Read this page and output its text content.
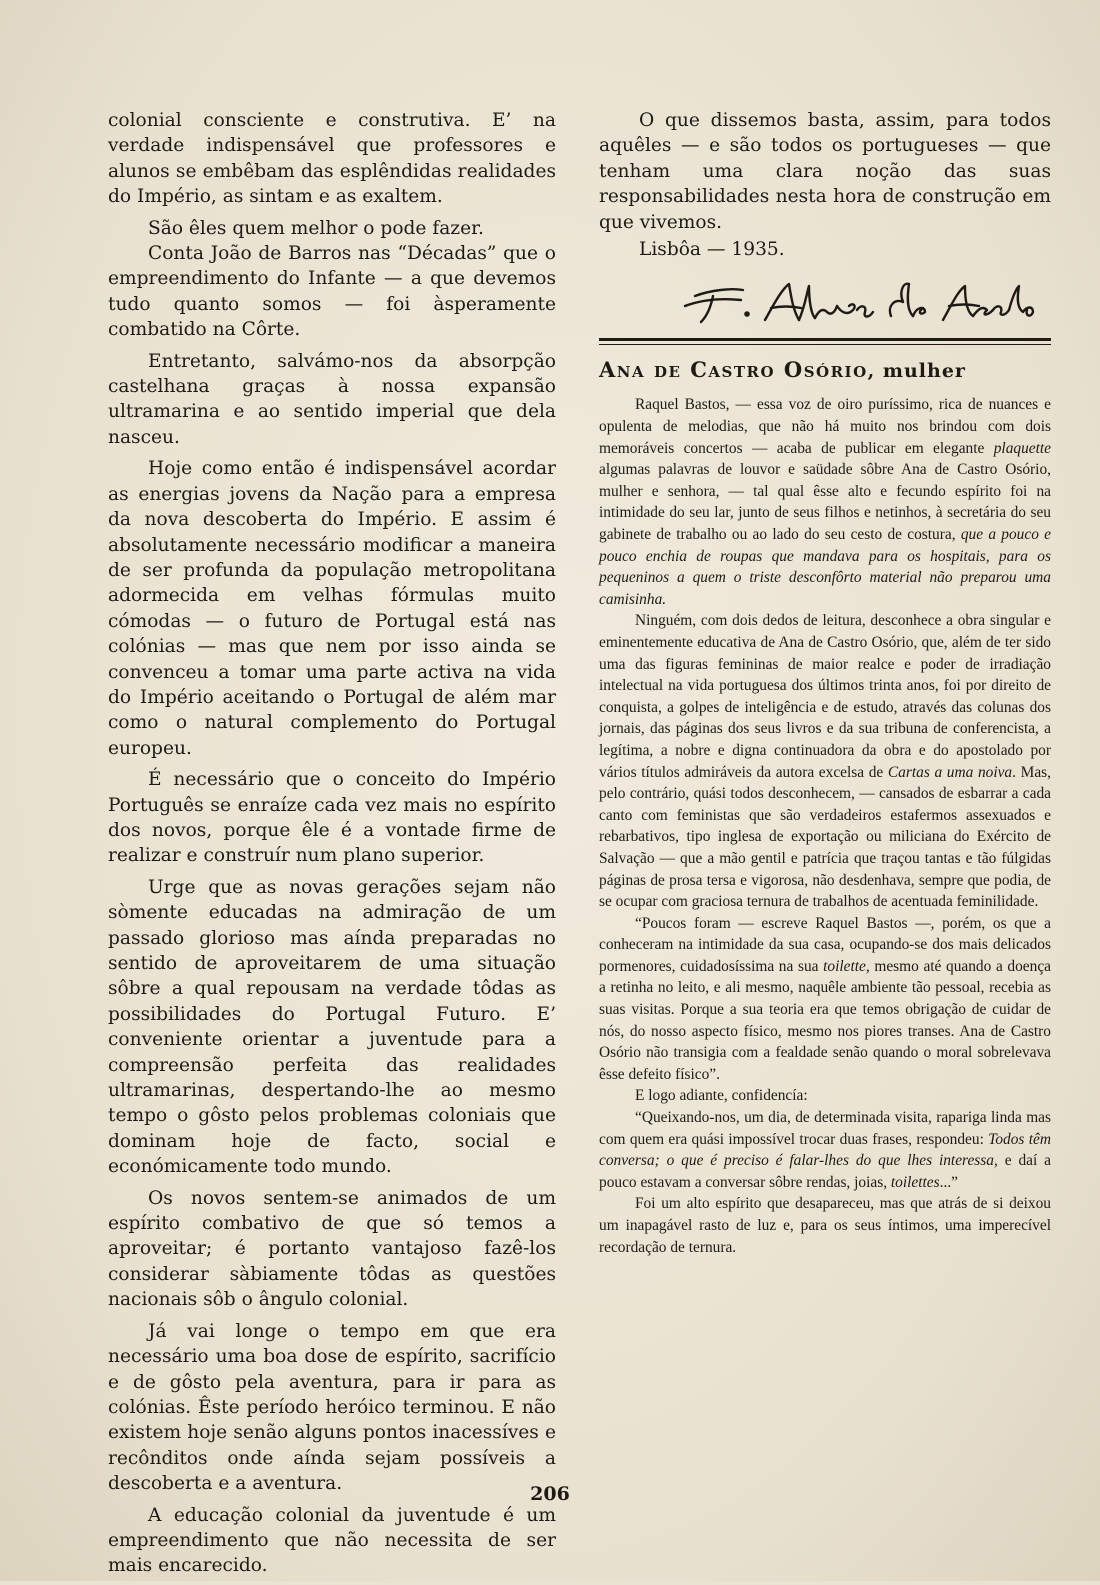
colonial consciente e construtiva. E’ na verdade indispensável que professores e alunos se embêbam das esplêndidas realidades do Império, as sintam e as exaltem.

São êles quem melhor o pode fazer.

Conta João de Barros nas “Décadas” que o empreendimento do Infante — a que devemos tudo quanto somos — foi àsperamente combatido na Côrte.

Entretanto, salvámo-nos da absorpção castelhana graças à nossa expansão ultramarina e ao sentido imperial que dela nasceu.

Hoje como então é indispensável acordar as energias jovens da Nação para a empresa da nova descoberta do Império. E assim é absolutamente necessário modificar a maneira de ser profunda da população metropolitana adormecida em velhas fórmulas muito cómodas — o futuro de Portugal está nas colónias — mas que nem por isso ainda se convenceu a tomar uma parte activa na vida do Império aceitando o Portugal de além mar como o natural complemento do Portugal europeu.

É necessário que o conceito do Império Português se enraíze cada vez mais no espírito dos novos, porque êle é a vontade firme de realizar e construír num plano superior.

Urge que as novas gerações sejam não sòmente educadas na admiração de um passado glorioso mas aínda preparadas no sentido de aproveitarem de uma situação sôbre a qual repousam na verdade tôdas as possibilidades do Portugal Futuro. E’ conveniente orientar a juventude para a compreensão perfeita das realidades ultramarinas, despertando-lhe ao mesmo tempo o gôsto pelos problemas coloniais que dominam hoje de facto, social e económicamente todo mundo.

Os novos sentem-se animados de um espírito combativo de que só temos a aproveitar; é portanto vantajoso fazê-los considerar sàbiamente tôdas as questões nacionais sôb o ângulo colonial.

Já vai longe o tempo em que era necessário uma boa dose de espírito, sacrifício e de gôsto pela aventura, para ir para as colónias. Êste período heróico terminou. E não existem hoje senão alguns pontos inacessíves e recônditos onde aínda sejam possíveis a descoberta e a aventura.

A educação colonial da juventude é um empreendimento que não necessita de ser mais encarecido.

O que dissemos basta, assim, para todos aquêles — e são todos os portugueses — que tenham uma clara noção das suas responsabilidades nesta hora de construção em que vivemos.

Lisbôa — 1935.

Ana de Castro Osório, mulher

Raquel Bastos, — essa voz de oiro puríssimo, rica de nuances e opulenta de melodias, que não há muito nos brindou com dois memoráveis concertos — acaba de publicar em elegante plaquette algumas palavras de louvor e saüdade sôbre Ana de Castro Osório, mulher e senhora, — tal qual êsse alto e fecundo espírito foi na intimidade do seu lar, junto de seus filhos e netinhos, à secretária do seu gabinete de trabalho ou ao lado do seu cesto de costura, que a pouco e pouco enchia de roupas que mandava para os hospitais, para os pequeninos a quem o triste desconfôrto material não preparou uma camisinha.

Ninguém, com dois dedos de leitura, desconhece a obra singular e eminentemente educativa de Ana de Castro Osório, que, além de ter sido uma das figuras femininas de maior realce e poder de irradiação intelectual na vida portuguesa dos últimos trinta anos, foi por direito de conquista, a golpes de inteligência e de estudo, através das colunas dos jornais, das páginas dos seus livros e da sua tribuna de conferencista, a legítima, a nobre e digna continuadora da obra e do apostolado por vários títulos admiráveis da autora excelsa de Cartas a uma noiva. Mas, pelo contrário, quási todos desconhecem, — cansados de esbarrar a cada canto com feministas que são verdadeiros estafermos assexuados e rebarbativos, tipo inglesa de exportação ou miliciana do Exército de Salvação — que a mão gentil e patrícia que traçou tantas e tão fúlgidas páginas de prosa tersa e vigorosa, não desdenhava, sempre que podia, de se ocupar com graciosa ternura de trabalhos de acentuada feminilidade.

“Poucos foram — escreve Raquel Bastos —, porém, os que a conheceram na intimidade da sua casa, ocupando-se dos mais delicados pormenores, cuidadosíssima na sua toilette, mesmo até quando a doença a retinha no leito, e ali mesmo, naquêle ambiente tão pessoal, recebia as suas visitas. Porque a sua teoria era que temos obrigação de cuidar de nós, do nosso aspecto físico, mesmo nos piores transes. Ana de Castro Osório não transigia com a fealdade senão quando o moral sobrelevava êsse defeito físico”.

E logo adiante, confidencía:

“Queixando-nos, um dia, de determinada visita, rapariga linda mas com quem era quási impossível trocar duas frases, respondeu: Todos têm conversa; o que é preciso é falar-lhes do que lhes interessa, e daí a pouco estavam a conversar sôbre rendas, joias, toilettes...”

Foi um alto espírito que desapareceu, mas que atrás de si deixou um inapagável rasto de luz e, para os seus íntimos, uma imperecível recordação de ternura.

206
